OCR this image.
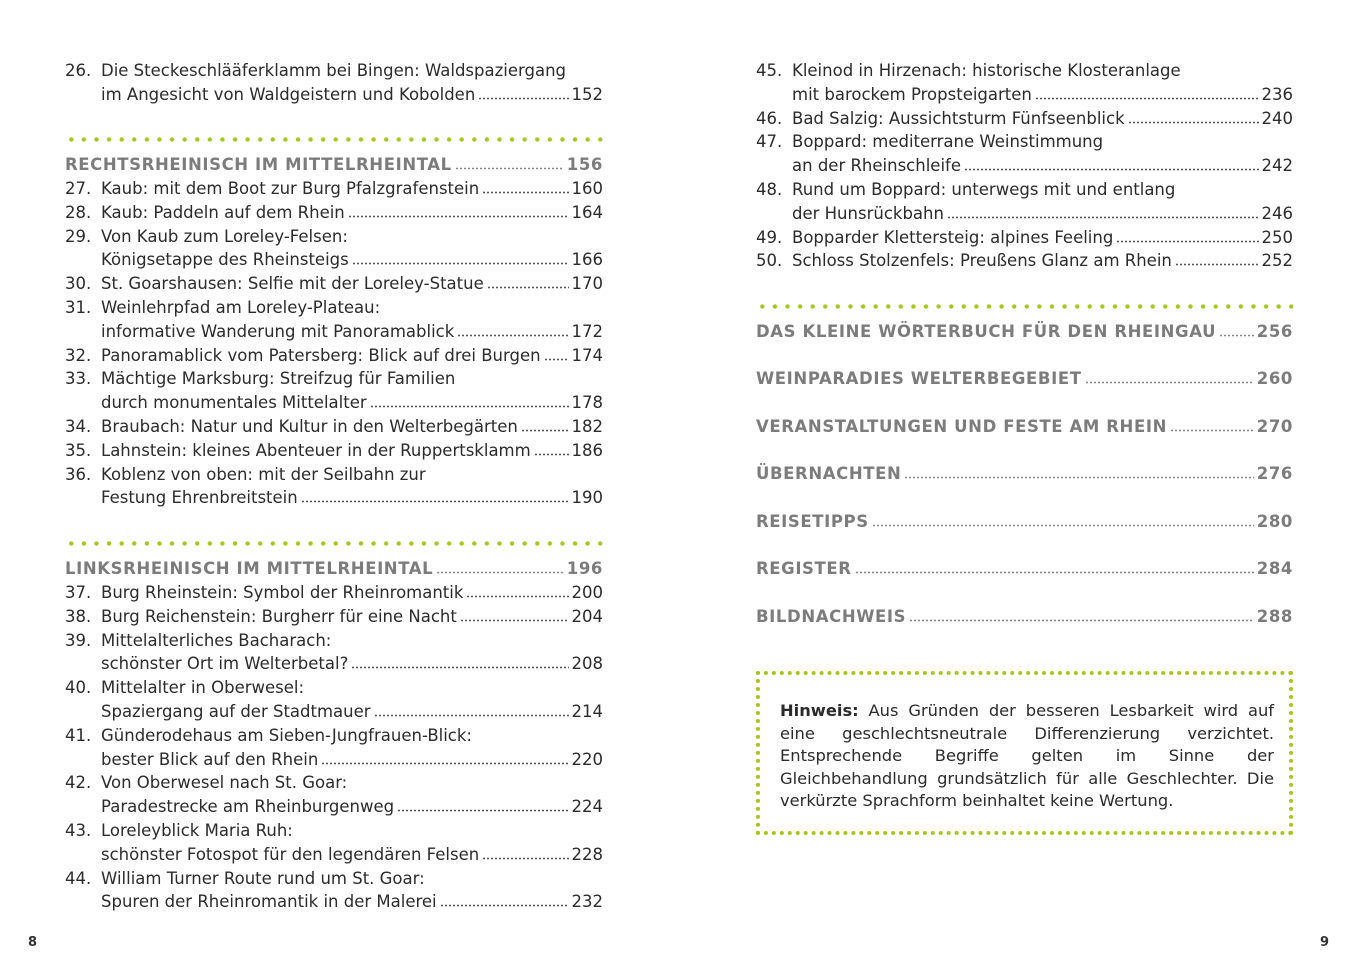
26. Die Steckeschlääferklamm bei Bingen: Waldspaziergang
im Angesicht von Waldgeistern und Kobolden	152
RECHTSRHEINISCH IM MITTELRHEINTAL	156
27. Kaub: mit dem Boot zur Burg Pfalzgrafenstein	160
28. Kaub: Paddeln auf dem Rhein	164
29. Von Kaub zum Loreley-Felsen:
Königsetappe des Rheinsteigs	166
30. St. Goarshausen: Selfie mit der Loreley-Statue	170
31. Weinlehrpfad am Loreley-Plateau:
informative Wanderung mit Panoramablick	172
32. Panoramablick vom Patersberg: Blick auf drei Burgen 174
33. Mächtige Marksburg: Streifzug für Familien
durch monumentales Mittelalter	178
34. Braubach: Natur und Kultur in den Welterbegärten	182
35. Lahnstein: kleines Abenteuer in der Ruppertsklamm 186
36. Koblenz von oben: mit der Seilbahn zur
Festung Ehrenbreitstein	190
LINKSRHEINISCH IM MITTELRHEINTAL	196
37. Burg Rheinstein: Symbol der Rheinromantik	200
38. Burg Reichenstein: Burgherr für eine Nacht	204
39. Mittelalterliches Bacharach:
schönster Ort im Welterbetal?	208
40. Mittelalter in Oberwesel:
Spaziergang auf der Stadtmauer	214
41. Günderodehaus am Sieben-Jungfrauen-Blick:
bester Blick auf den Rhein	220
42. Von Oberwesel nach St. Goar:
Paradestrecke am Rheinburgenweg	224
43. Loreleyblick Maria Ruh:
schönster Fotospot für den legendären Felsen	228
44. William Turner Route rund um St. Goar:
Spuren der Rheinromantik in der Malerei	232
8
45. Kleinod in Hirzenach: historische Klosteranlage
mit barockem Propsteigarten	236
46. Bad Salzig: Aussichtsturm Fünfseenblick	240
47. Boppard: mediterrane Weinstimmung
an der Rheinschleife	242
48. Rund um Boppard: unterwegs mit und entlang
der Hunsrückbahn	246
49. Bopparder Klettersteig: alpines Feeling	250
50. Schloss Stolzenfels: Preußens Glanz am Rhein	252
DAS KLEINE WÖRTERBUCH FÜR DEN RHEINGAU 256
WEINPARADIES WELTERBEGEBIET	260
VERANSTALTUNGEN UND FESTE AM RHEIN	270
ÜBERNACHTEN	276
REISETIPPS	280
REGISTER	284
BILDNACHWEIS	288
Hinweis: Aus Gründen der besseren Lesbarkeit wird auf eine geschlechtsneutrale Differenzierung verzichtet. Entsprechende Begriffe gelten im Sinne der Gleichbehandlung grundsätzlich für alle Geschlechter. Die verkürzte Sprachform beinhaltet keine Wertung.
9
